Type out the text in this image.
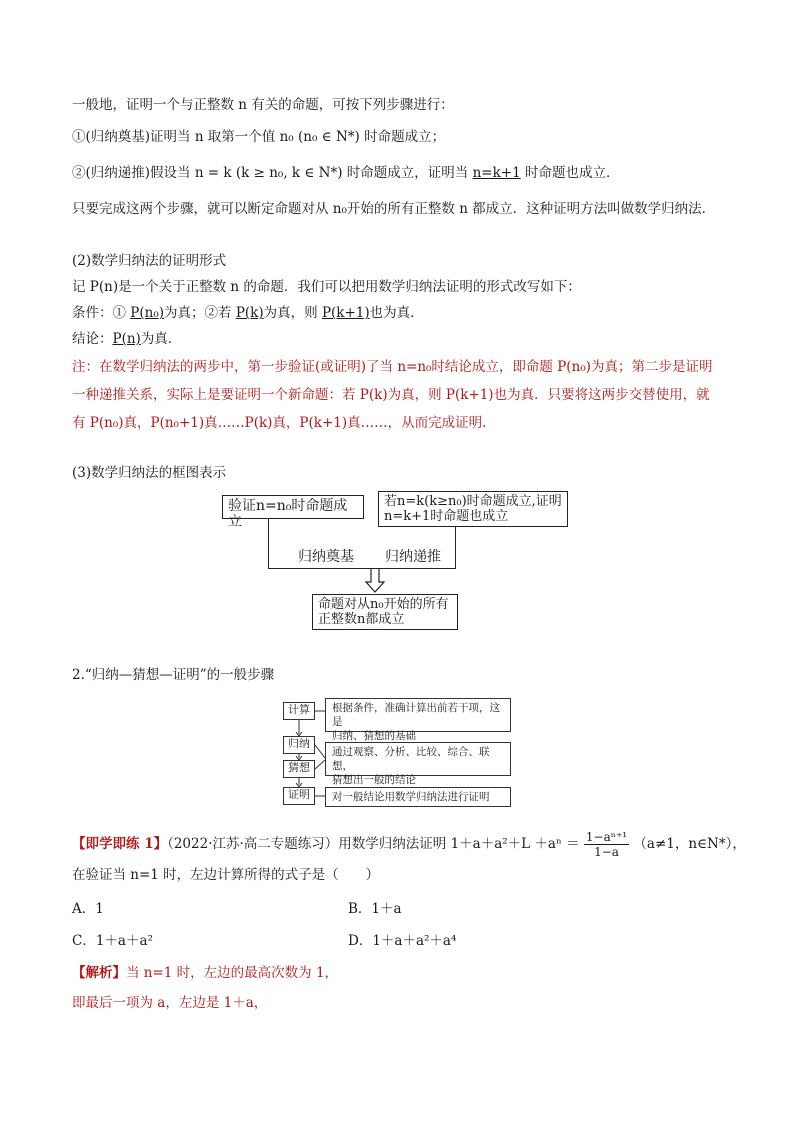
一般地，证明一个与正整数 n 有关的命题，可按下列步骤进行：
①(归纳奠基)证明当 n 取第一个值 n₀ (n₀ ∈ N*) 时命题成立；
②(归纳递推)假设当 n = k (k ≥ n₀, k ∈ N*) 时命题成立，证明当 n=k+1 时命题也成立．
只要完成这两个步骤，就可以断定命题对从 n₀开始的所有正整数 n 都成立．这种证明方法叫做数学归纳法．
(2)数学归纳法的证明形式
记 P(n)是一个关于正整数 n 的命题．我们可以把用数学归纳法证明的形式改写如下：
条件：① P(n₀)为真；②若 P(k)为真，则 P(k+1)也为真．
结论：P(n)为真．
注：在数学归纳法的两步中，第一步验证(或证明)了当 n=n₀时结论成立，即命题 P(n₀)为真；第二步是证明
一种递推关系，实际上是要证明一个新命题：若 P(k)为真，则 P(k+1)也为真．只要将这两步交替使用，就
有 P(n₀)真，P(n₀+1)真……P(k)真，P(k+1)真……，从而完成证明．
(3)数学归纳法的框图表示
验证n=n₀时命题成立
若n=k(k≥n₀)时命题成立,证明
n=k+1时命题也成立
归纳奠基 归纳递推
命题对从n₀开始的所有
正整数n都成立
2.“归纳—猜想—证明”的一般步骤
计算
归纳
猜想
证明
根据条件，准确计算出前若干项，这是
归纳、猜想的基础
通过观察、分析、比较、综合、联想，
猜想出一般的结论
对一般结论用数学归纳法进行证明
【即学即练 1】（2022·江苏·高二专题练习）用数学归纳法证明 $1+a+a^2+L +a^n = \frac{\text{1−aⁿ⁺¹}}{1-a} (a\ne 1$，n∈N*），
在验证当 n=1 时，左边计算所得的式子是（　　）
A．1	B．1＋a
C．1＋a＋a²	D．1＋a＋a²＋a⁴
【解析】当 n=1 时，左边的最高次数为 1，
即最后一项为 a，左边是 1＋a，
